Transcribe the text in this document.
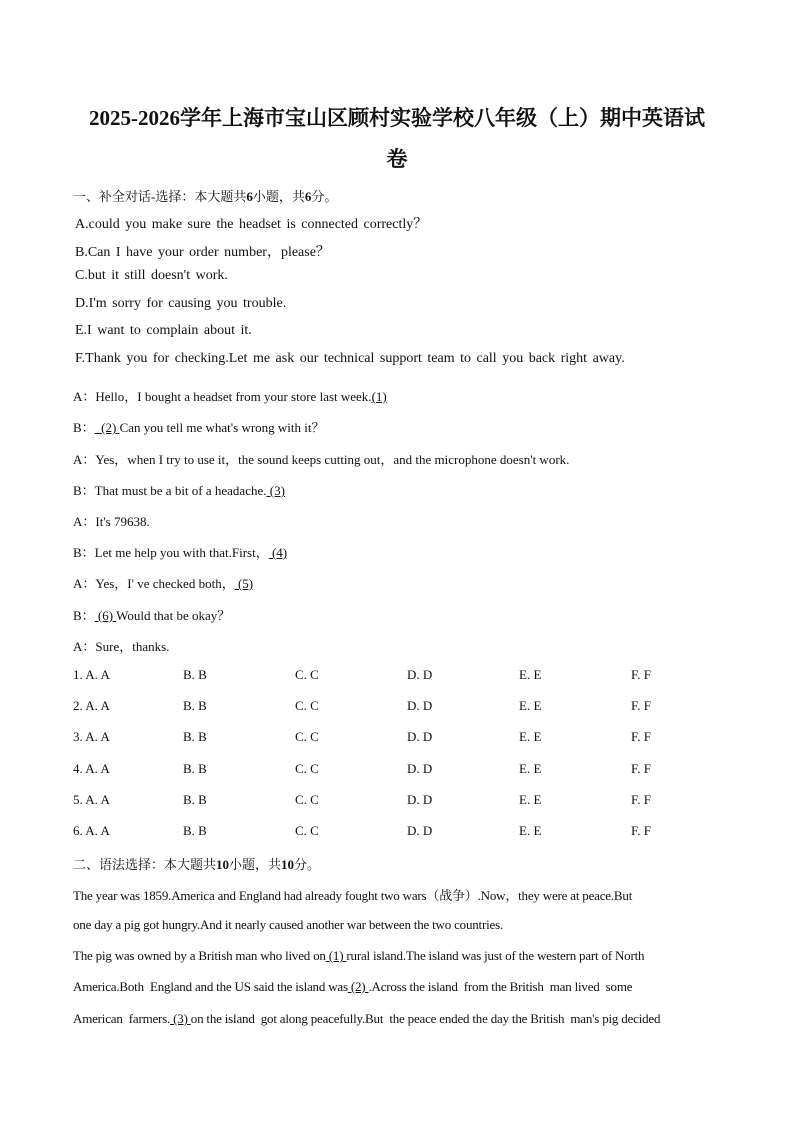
2025-2026学年上海市宝山区顾村实验学校八年级（上）期中英语试
卷
一、补全对话-选择：本大题共6小题，共6分。
A.could you make sure the headset is connected correctly？
B.Can I have your order number，please？
C.but it still doesn't work.
D.I'm sorry for causing you trouble.
E.I want to complain about it.
F.Thank you for checking.Let me ask our technical support team to call you back right away.
A：Hello，I bought a headset from your store last week.(1)
B：  (2) Can you tell me what's wrong with it？
A：Yes，when I try to use it，the sound keeps cutting out，and the microphone doesn't work.
B：That must be a bit of a headache. (3)
A：It's 79638.
B：Let me help you with that.First， (4)
A：Yes，I' ve checked both， (5)
B： (6) Would that be okay？
A：Sure，thanks.
1. A. A	B. B	C. C	D. D	E. E	F. F
2. A. A	B. B	C. C	D. D	E. E	F. F
3. A. A	B. B	C. C	D. D	E. E	F. F
4. A. A	B. B	C. C	D. D	E. E	F. F
5. A. A	B. B	C. C	D. D	E. E	F. F
6. A. A	B. B	C. C	D. D	E. E	F. F
二、语法选择：本大题共10小题，共10分。
The year was 1859.America and England had already fought two wars（战争）.Now，they were at peace.But
one day a pig got hungry.And it nearly caused another war between the two countries.
The pig was owned by a British man who lived on (1) rural island.The island was just of the western part of North
America.Both  England and the US said the island was (2) .Across the island  from the British  man lived  some
American  farmers. (3) on the island  got along peacefully.But  the peace ended the day the British  man's pig decided
